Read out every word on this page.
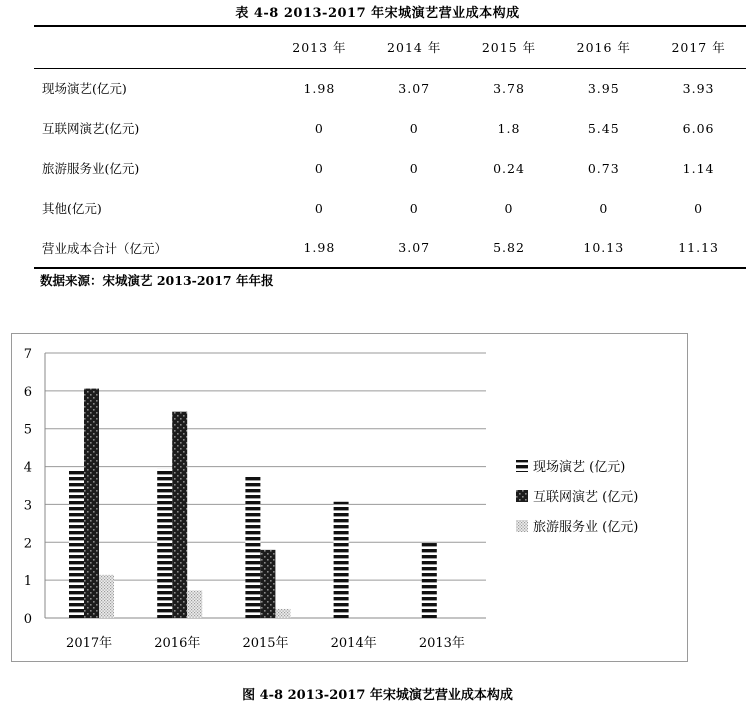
表 4-8 2013-2017 年宋城演艺营业成本构成
	2013 年	2014 年	2015 年	2016 年	2017 年
现场演艺(亿元)	1.98	3.07	3.78	3.95	3.93
互联网演艺(亿元)	0	0	1.8	5.45	6.06
旅游服务业(亿元)	0	0	0.24	0.73	1.14
其他(亿元)	0	0	0	0	0
营业成本合计（亿元）	1.98	3.07	5.82	10.13	11.13
数据来源：宋城演艺 2013-2017 年年报
0
1
2
3
4
5
6
7
2017年	2016年	2015年	2014年	2013年
现场演艺 (亿元)
互联网演艺 (亿元)
旅游服务业 (亿元)
图 4-8 2013-2017 年宋城演艺营业成本构成
